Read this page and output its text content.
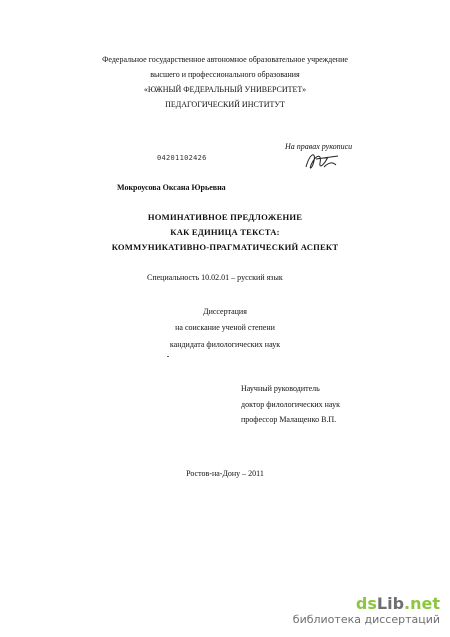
Федеральное государственное автономное образовательное учреждение
высшего и профессионального образования
«ЮЖНЫЙ ФЕДЕРАЛЬНЫЙ УНИВЕРСИТЕТ»
ПЕДАГОГИЧЕСКИЙ ИНСТИТУТ
На правах рукописи
04201102426
Мокроусова Оксана Юрьевна
НОМИНАТИВНОЕ ПРЕДЛОЖЕНИЕ
КАК ЕДИНИЦА ТЕКСТА:
КОММУНИКАТИВНО-ПРАГМАТИЧЕСКИЙ АСПЕКТ
Специальность 10.02.01 – русский язык
Диссертация
на соискание ученой степени
кандидата филологических наук
Научный руководитель
доктор филологических наук
профессор Малащенко В.П.
Ростов-на-Дону – 2011
dsLib.net
библиотека диссертаций
